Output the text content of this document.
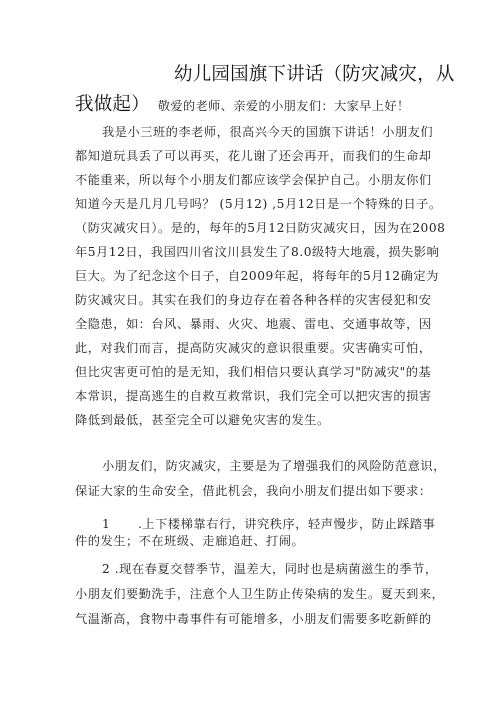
幼儿园国旗下讲话（防灾减灾，从
我做起） 敬爱的老师、亲爱的小朋友们：大家早上好！
我是小三班的李老师，很高兴今天的国旗下讲话！小朋友们
都知道玩具丢了可以再买，花儿谢了还会再开，而我们的生命却
不能重来，所以每个小朋友们都应该学会保护自己。小朋友你们
知道今天是几月几号吗？ (5月12) ,5月12日是一个特殊的日子。
（防灾减灾日）。是的，每年的5月12日防灾减灾日，因为在2008
年5月12日，我国四川省汶川县发生了8.0级特大地震，损失影响
巨大。为了纪念这个日子，自2009年起，将每年的5月12确定为
防灾减灾日。其实在我们的身边存在着各种各样的灾害侵犯和安
全隐患，如：台风、暴雨、火灾、地震、雷电、交通事故等，因
此，对我们而言，提高防灾减灾的意识很重要。灾害确实可怕，
但比灾害更可怕的是无知，我们相信只要认真学习"防减灾"的基
本常识，提高逃生的自救互救常识，我们完全可以把灾害的损害
降低到最低，甚至完全可以避免灾害的发生。
小朋友们，防灾减灾，主要是为了增强我们的风险防范意识，
保证大家的生命安全，借此机会，我向小朋友们提出如下要求：
1 .上下楼梯靠右行，讲究秩序，轻声慢步，防止踩踏事
件的发生；不在班级、走廊追赶、打闹。
2 .现在春夏交替季节，温差大，同时也是病菌滋生的季节，
小朋友们要勤洗手，注意个人卫生防止传染病的发生。夏天到来，
气温渐高，食物中毒事件有可能增多，小朋友们需要多吃新鲜的
